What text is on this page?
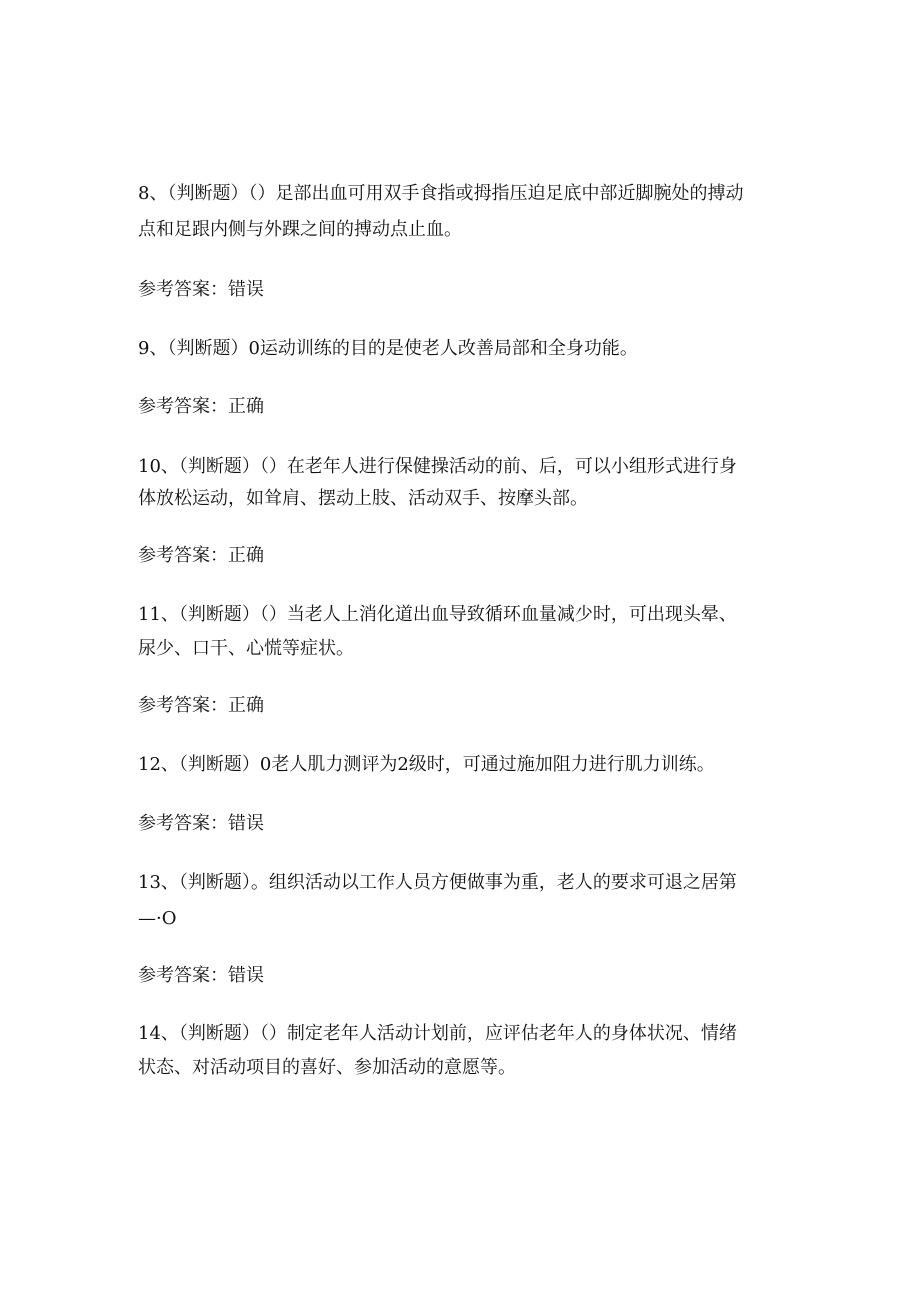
8、（判断题）（）足部出血可用双手食指或拇指压迫足底中部近脚腕处的搏动
点和足跟内侧与外踝之间的搏动点止血。
参考答案：错误
9、（判断题）0运动训练的目的是使老人改善局部和全身功能。
参考答案：正确
10、（判断题）（）在老年人进行保健操活动的前、后，可以小组形式进行身
体放松运动，如耸肩、摆动上肢、活动双手、按摩头部。
参考答案：正确
11、（判断题）（）当老人上消化道出血导致循环血量减少时，可出现头晕、
尿少、口干、心慌等症状。
参考答案：正确
12、（判断题）0老人肌力测评为2级时，可通过施加阻力进行肌力训练。
参考答案：错误
13、（判断题）。组织活动以工作人员方便做事为重，老人的要求可退之居第
—·O
参考答案：错误
14、（判断题）（）制定老年人活动计划前，应评估老年人的身体状况、情绪
状态、对活动项目的喜好、参加活动的意愿等。
